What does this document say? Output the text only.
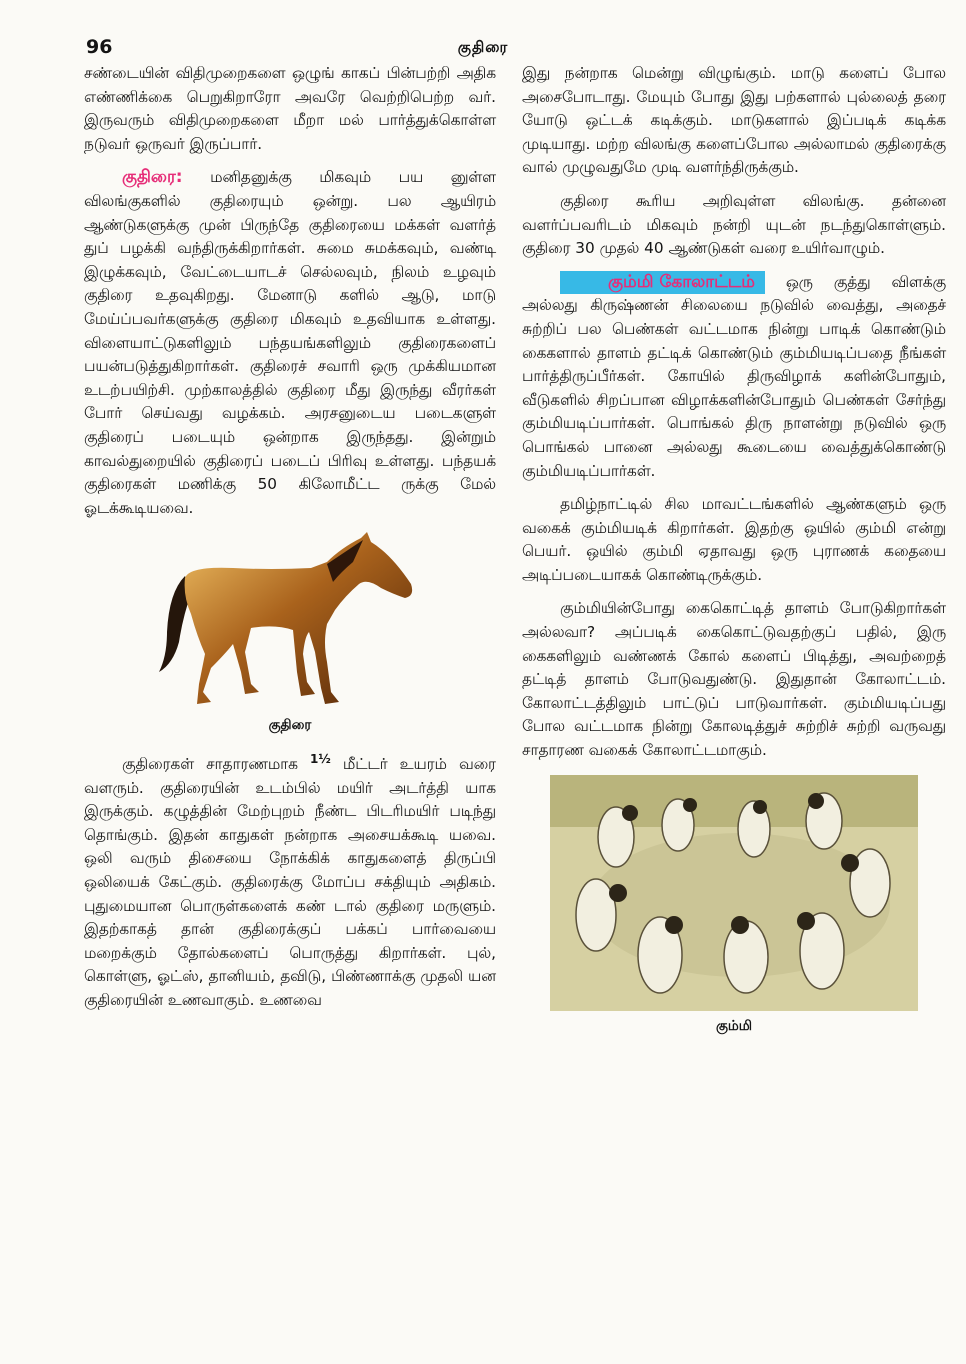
96	குதிரை

சண்டையின் விதிமுறைகளை ஒழுங் காகப் பின்பற்றி அதிக எண்ணிக்கை பெறுகிறாரோ அவரே வெற்றிபெற்ற வர். இருவரும் விதிமுறைகளை மீறா மல் பார்த்துக்கொள்ள நடுவர் ஒருவர் இருப்பார்.

குதிரை: மனிதனுக்கு மிகவும் பய னுள்ள விலங்குகளில் குதிரையும் ஒன்று. பல ஆயிரம் ஆண்டுகளுக்கு முன் பிருந்தே குதிரையை மக்கள் வளர்த் துப் பழக்கி வந்திருக்கிறார்கள். சுமை சுமக்கவும், வண்டி இழுக்கவும், வேட்டையாடச் செல்லவும், நிலம் உழவும் குதிரை உதவுகிறது. மேனாடு களில் ஆடு, மாடு மேய்ப்பவர்களுக்கு குதிரை மிகவும் உதவியாக உள்ளது. விளையாட்டுகளிலும் பந்தயங்களிலும் குதிரைகளைப் பயன்படுத்துகிறார்கள். குதிரைச் சவாரி ஒரு முக்கியமான உடற்பயிற்சி. முற்காலத்தில் குதிரை மீது இருந்து வீரர்கள் போர் செய்வது வழக்கம். அரசனுடைய படைகளுள் குதிரைப் படையும் ஒன்றாக இருந்தது. இன்றும் காவல்துறையில் குதிரைப் படைப் பிரிவு உள்ளது. பந்தயக் குதிரைகள் மணிக்கு 50 கிலோமீட்ட ருக்கு மேல் ஓடக்கூடியவை.

குதிரை

குதிரைகள் சாதாரணமாக $^{1\frac{1}{2}}$ மீட்டர் உயரம் வரை வளரும். குதிரையின் உடம்பில் மயிர் அடர்த்தி யாக இருக்கும். கழுத்தின் மேற்புறம் நீண்ட பிடரிமயிர் படிந்து தொங்கும். இதன் காதுகள் நன்றாக அசையக்கூடி யவை. ஒலி வரும் திசையை நோக்கிக் காதுகளைத் திருப்பி ஒலியைக் கேட்கும். குதிரைக்கு மோப்ப சக்தியும் அதிகம். புதுமையான பொருள்களைக் கண் டால் குதிரை மருளும். இதற்காகத் தான் குதிரைக்குப் பக்கப் பார்வையை மறைக்கும் தோல்களைப் பொருத்து கிறார்கள். புல், கொள்ளு, ஓட்ஸ், தானியம், தவிடு, பிண்ணாக்கு முதலி யன குதிரையின் உணவாகும். உணவை

இது நன்றாக மென்று விழுங்கும். மாடு களைப் போல அசைபோடாது. மேயும் போது இது பற்களால் புல்லைத் தரை யோடு ஒட்டக் கடிக்கும். மாடுகளால் இப்படிக் கடிக்க முடியாது. மற்ற விலங்கு களைப்போல அல்லாமல் குதிரைக்கு வால் முழுவதுமே முடி வளர்ந்திருக்கும்.

குதிரை கூரிய அறிவுள்ள விலங்கு. தன்னை வளர்ப்பவரிடம் மிகவும் நன்றி யுடன் நடந்துகொள்ளும். குதிரை 30 முதல் 40 ஆண்டுகள் வரை உயிர்வாழும்.

கும்மி கோலாட்டம் ஒரு குத்து விளக்கு அல்லது கிருஷ்ணன் சிலையை நடுவில் வைத்து, அதைச் சுற்றிப் பல பெண்கள் வட்டமாக நின்று பாடிக் கொண்டும் கைகளால் தாளம் தட்டிக் கொண்டும் கும்மியடிப்பதை நீங்கள் பார்த்திருப்பீர்கள். கோயில் திருவிழாக் களின்போதும், வீடுகளில் சிறப்பான விழாக்களின்போதும் பெண்கள் சேர்ந்து கும்மியடிப்பார்கள். பொங்கல் திரு நாளன்று நடுவில் ஒரு பொங்கல் பானை அல்லது கூடையை வைத்துக்கொண்டு கும்மியடிப்பார்கள்.

தமிழ்நாட்டில் சில மாவட்டங்களில் ஆண்களும் ஒரு வகைக் கும்மியடிக் கிறார்கள். இதற்கு ஒயில் கும்மி என்று பெயர். ஒயில் கும்மி ஏதாவது ஒரு புராணக் கதையை அடிப்படையாகக் கொண்டிருக்கும்.

கும்மியின்போது கைகொட்டித் தாளம் போடுகிறார்கள் அல்லவா? அப்படிக் கைகொட்டுவதற்குப் பதில், இரு கைகளிலும் வண்ணக் கோல் களைப் பிடித்து, அவற்றைத் தட்டித் தாளம் போடுவதுண்டு. இதுதான் கோலாட்டம். கோலாட்டத்திலும் பாட்டுப் பாடுவார்கள். கும்மியடிப்பது போல வட்டமாக நின்று கோலடித்துச் சுற்றிச் சுற்றி வருவது சாதாரண வகைக் கோலாட்டமாகும்.

கும்மி
